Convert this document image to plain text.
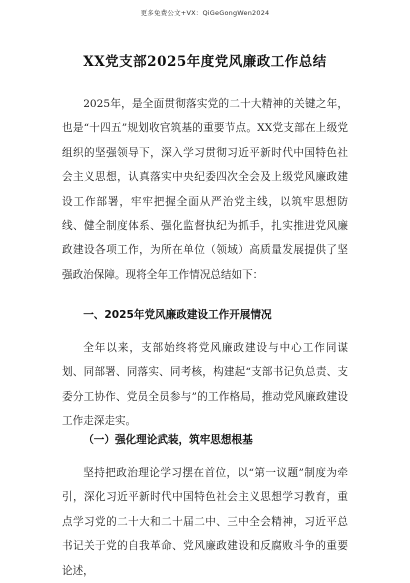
更多免费公文+VX：QiGeGongWen2024
XX党支部2025年度党风廉政工作总结
2025年，是全面贯彻落实党的二十大精神的关键之年，也是“十四五”规划收官筑基的重要节点。XX党支部在上级党组织的坚强领导下，深入学习贯彻习近平新时代中国特色社会主义思想，认真落实中央纪委四次全会及上级党风廉政建设工作部署，牢牢把握全面从严治党主线，以筑牢思想防线、健全制度体系、强化监督执纪为抓手，扎实推进党风廉政建设各项工作，为所在单位（领域）高质量发展提供了坚强政治保障。现将全年工作情况总结如下：
一、2025年党风廉政建设工作开展情况
全年以来，支部始终将党风廉政建设与中心工作同谋划、同部署、同落实、同考核，构建起“支部书记负总责、支委分工协作、党员全员参与”的工作格局，推动党风廉政建设工作走深走实。
（一）强化理论武装，筑牢思想根基
坚持把政治理论学习摆在首位，以“第一议题”制度为牵引，深化习近平新时代中国特色社会主义思想学习教育，重点学习党的二十大和二十届二中、三中全会精神，习近平总书记关于党的自我革命、党风廉政建设和反腐败斗争的重要论述，
